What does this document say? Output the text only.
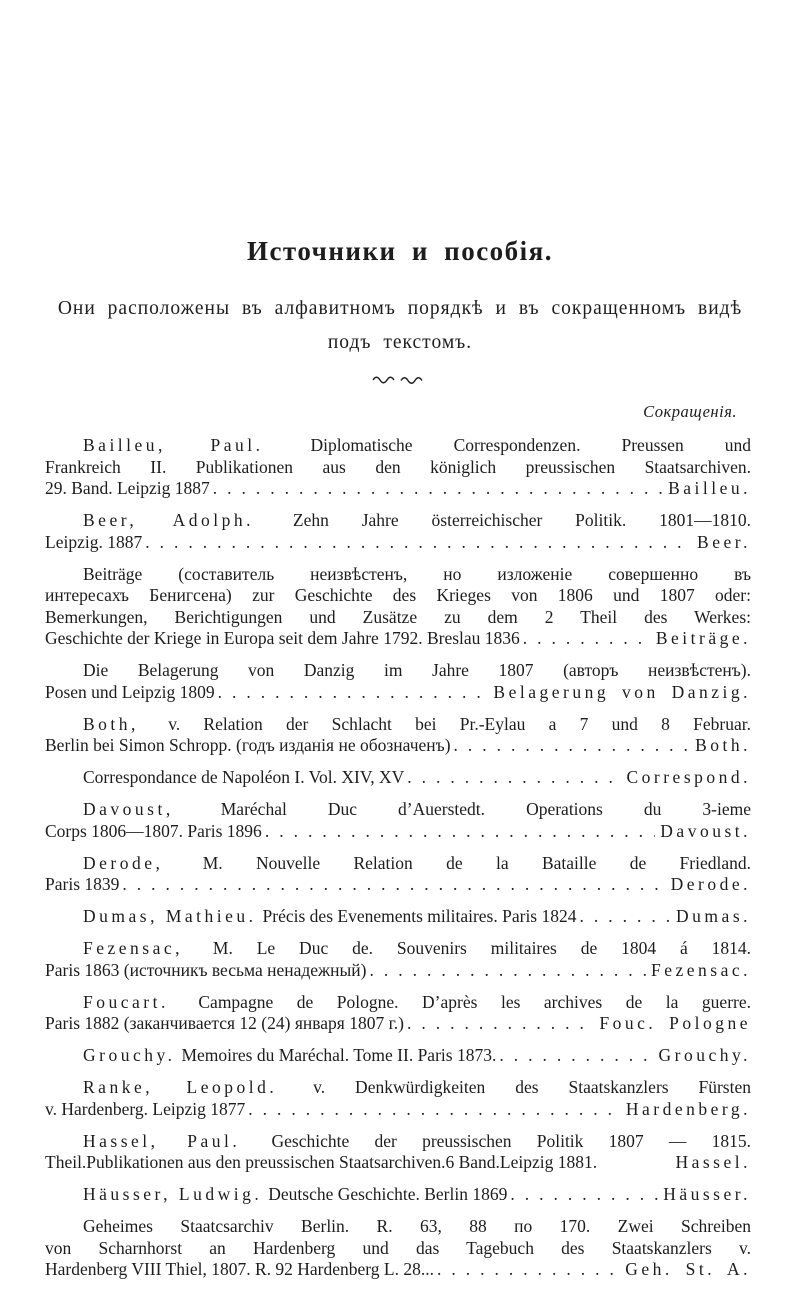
Источники и пособія.
Они расположены въ алфавитномъ порядкѣ и въ сокращенномъ видѣ
подъ текстомъ.
Сокращенія.
Bailleu, Paul.	Diplomatische Correspondenzen. Preussen und
Frankreich II. Publikationen aus den königlich preussischen Staatsarchiven.
29. Band. Leipzig 1887 .....	Bailleu.
Beer, Adolph. Zehn Jahre österreichischer Politik. 1801—1810.
Leipzig. 1887 .....	Beer.
Beiträge (составитель неизвѣстенъ, но изложеніе совершенно въ
интересахъ Бенигсена) zur Geschichte des Krieges von 1806 und 1807 oder:
Bemerkungen, Berichtigungen und Zusätze zu dem 2 Theil des Werkes:
Geschichte der Kriege in Europa seit dem Jahre 1792. Breslau 1836 .....	Beiträge.
Die Belagerung von Danzig im Jahre 1807 (авторъ неизвѣстенъ).
Posen und Leipzig 1809 .....	Belagerung von Danzig.
Both, v. Relation der Schlacht bei Pr.-Eylau a 7 und 8 Februar.
Berlin bei Simon Schropp. (годъ изданія не обозначенъ) .....	Both.
Correspondance de Napoléon I. Vol. XIV, XV .....	Correspond.
Davoust,	Maréchal Duc d’Auerstedt. Operations du 3-ieme
Corps 1806—1807. Paris 1896 .....	Davoust.
Derode, M. Nouvelle Relation de la Bataille de Friedland.
Paris 1839 .....	Derode.
Dumas, Mathieu. Précis des Evenements militaires. Paris 1824 .....	Dumas.
Fezensac, M. Le Duc de. Souvenirs militaires de 1804 á 1814.
Paris 1863 (источникъ весьма ненадежный) .....	Fezensac.
Foucart. Campagne de Pologne. D’après les archives de la guerre.
Paris 1882 (заканчивается 12 (24) января 1807 г.) .....	Fouc. Pologne
Grouchy. Memoires du Maréchal. Tome II. Paris 1873. .....	Grouchy.
Ranke, Leopold. v. Denkwürdigkeiten des Staatskanzlers Fürsten
v. Hardenberg. Leipzig 1877 .....	Hardenberg.
Hassel, Paul. Geschichte der preussischen Politik 1807 — 1815.
Theil.Publikationen aus den preussischen Staatsarchiven.6 Band.Leipzig 1881.	Hassel.
Häusser, Ludwig. Deutsche Geschichte. Berlin 1869 .....	Häusser.
Geheimes Staatcsarchiv Berlin. R. 63, 88 по 170. Zwei Schreiben
von Scharnhorst an Hardenberg und das Tagebuch des Staatskanzlers v.
Hardenberg VIII Thiel, 1807. R. 92 Hardenberg L. 28... .....	Geh. St. A.
